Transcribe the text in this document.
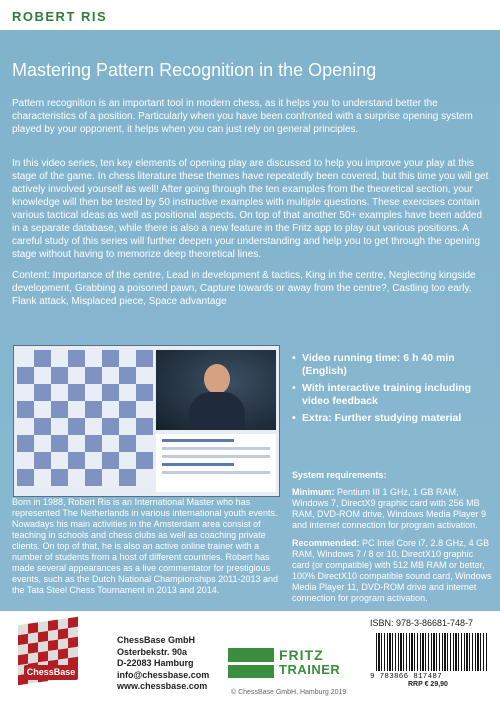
ROBERT RIS
Mastering Pattern Recognition in the Opening
Pattern recognition is an important tool in modern chess, as it helps you to understand better the characteristics of a position. Particularly when you have been confronted with a surprise opening system played by your opponent, it helps when you can just rely on general principles.
In this video series, ten key elements of opening play are discussed to help you improve your play at this stage of the game. In chess literature these themes have repeatedly been covered, but this time you will get actively involved yourself as well! After going through the ten examples from the theoretical section, your knowledge will then be tested by 50 instructive examples with multiple questions. These exercises contain various tactical ideas as well as positional aspects. On top of that another 50+ examples have been added in a separate database, while there is also a new feature in the Fritz app to play out various positions. A careful study of this series will further deepen your understanding and help you to get through the opening stage without having to memorize deep theoretical lines.
Content: Importance of the centre, Lead in development & tactics, King in the centre, Neglecting kingside development, Grabbing a poisoned pawn, Capture towards or away from the centre?, Castling too early, Flank attack, Misplaced piece, Space advantage
• Video running time: 6 h 40 min (English)
• With interactive training including video feedback
• Extra: Further studying material
System requirements:
Minimum: Pentium III 1 GHz, 1 GB RAM, Windows 7, DirectX9 graphic card with 256 MB RAM, DVD-ROM drive, Windows Media Player 9 and internet connection for program activation.
Recommended: PC Intel Core i7, 2.8 GHz, 4 GB RAM, Windows 7 / 8 or 10, DirectX10 graphic card (or compatible) with 512 MB RAM or better, 100% DirectX10 compatible sound card, Windows Media Player 11, DVD-ROM drive and internet connection for program activation.
Born in 1988, Robert Ris is an International Master who has represented The Netherlands in various international youth events. Nowadays his main activities in the Amsterdam area consist of teaching in schools and chess clubs as well as coaching private clients. On top of that, he is also an active online trainer with a number of students from a host of different countries. Robert has made several appearances as a live commentator for prestigious events, such as the Dutch National Championships 2011-2013 and the Tata Steel Chess Tournament in 2013 and 2014.
ChessBase
ChessBase GmbH
Osterbekstr. 90a
D-22083 Hamburg
info@chessbase.com
www.chessbase.com
FRITZ
TRAINER
© ChessBase GmbH, Hamburg 2019
ISBN: 978-3-86681-748-7
9 783866 817487
RRP € 29,90
